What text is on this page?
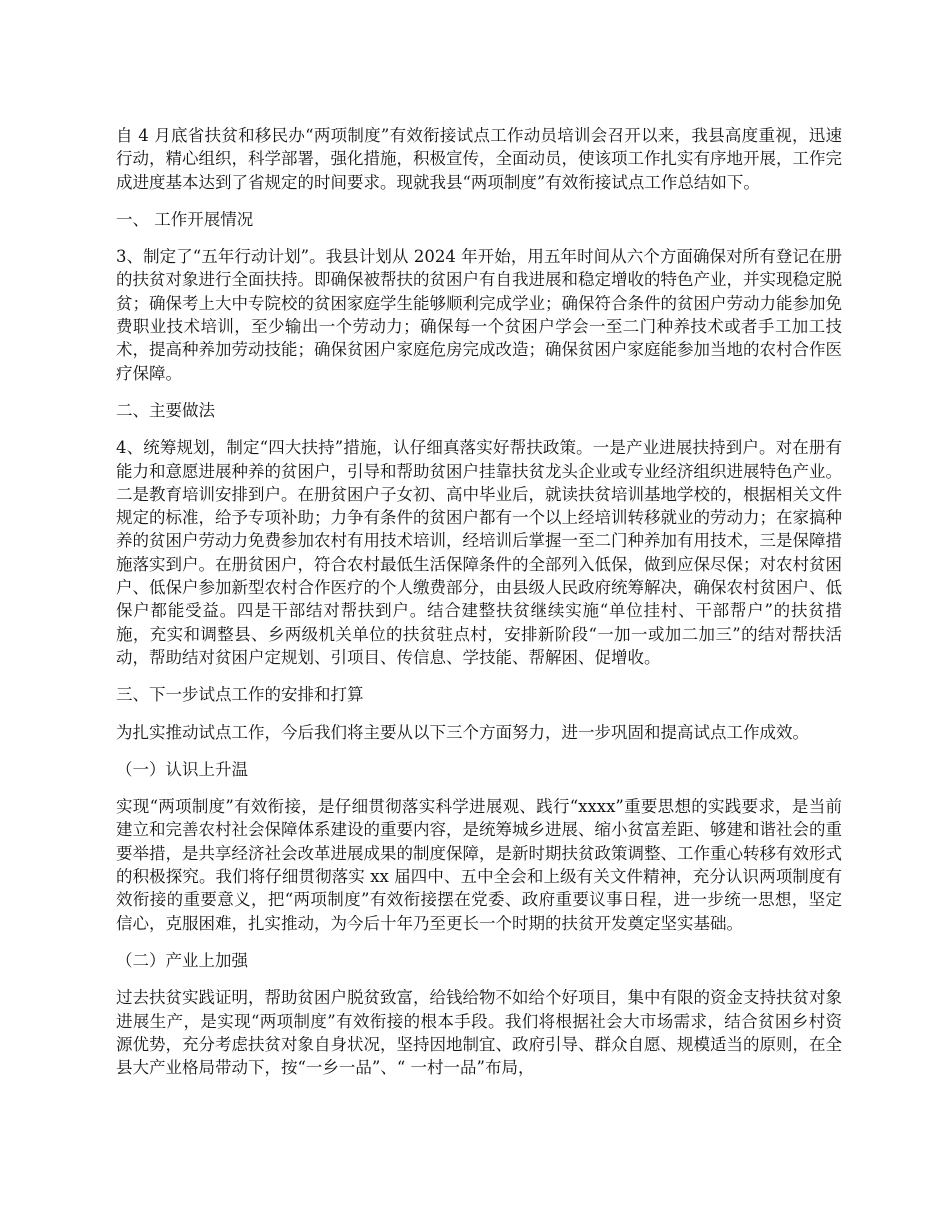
自 4 月底省扶贫和移民办“两项制度”有效衔接试点工作动员培训会召开以来，我县高度重视，迅速行动，精心组织，科学部署，强化措施，积极宣传，全面动员，使该项工作扎实有序地开展，工作完成进度基本达到了省规定的时间要求。现就我县“两项制度”有效衔接试点工作总结如下。

一、 工作开展情况

3、制定了“五年行动计划”。我县计划从 2024 年开始，用五年时间从六个方面确保对所有登记在册的扶贫对象进行全面扶持。即确保被帮扶的贫困户有自我进展和稳定增收的特色产业，并实现稳定脱贫；确保考上大中专院校的贫困家庭学生能够顺利完成学业；确保符合条件的贫困户劳动力能参加免费职业技术培训，至少输出一个劳动力；确保每一个贫困户学会一至二门种养技术或者手工加工技术，提高种养加劳动技能；确保贫困户家庭危房完成改造；确保贫困户家庭能参加当地的农村合作医疗保障。

二、主要做法

4、统筹规划，制定“四大扶持”措施，认仔细真落实好帮扶政策。一是产业进展扶持到户。对在册有能力和意愿进展种养的贫困户，引导和帮助贫困户挂靠扶贫龙头企业或专业经济组织进展特色产业。二是教育培训安排到户。在册贫困户子女初、高中毕业后，就读扶贫培训基地学校的，根据相关文件规定的标准，给予专项补助；力争有条件的贫困户都有一个以上经培训转移就业的劳动力；在家搞种养的贫困户劳动力免费参加农村有用技术培训，经培训后掌握一至二门种养加有用技术，三是保障措施落实到户。在册贫困户，符合农村最低生活保障条件的全部列入低保，做到应保尽保；对农村贫困户、低保户参加新型农村合作医疗的个人缴费部分，由县级人民政府统筹解决，确保农村贫困户、低保户都能受益。四是干部结对帮扶到户。结合建整扶贫继续实施“单位挂村、干部帮户”的扶贫措施，充实和调整县、乡两级机关单位的扶贫驻点村，安排新阶段“一加一或加二加三”的结对帮扶活动，帮助结对贫困户定规划、引项目、传信息、学技能、帮解困、促增收。

三、下一步试点工作的安排和打算

为扎实推动试点工作，今后我们将主要从以下三个方面努力，进一步巩固和提高试点工作成效。

（一）认识上升温

实现“两项制度”有效衔接，是仔细贯彻落实科学进展观、践行“xxxx”重要思想的实践要求，是当前建立和完善农村社会保障体系建设的重要内容，是统筹城乡进展、缩小贫富差距、够建和谐社会的重要举措，是共享经济社会改革进展成果的制度保障，是新时期扶贫政策调整、工作重心转移有效形式的积极探究。我们将仔细贯彻落实 xx 届四中、五中全会和上级有关文件精神，充分认识两项制度有效衔接的重要意义，把“两项制度”有效衔接摆在党委、政府重要议事日程，进一步统一思想，坚定信心，克服困难，扎实推动，为今后十年乃至更长一个时期的扶贫开发奠定坚实基础。

（二）产业上加强

过去扶贫实践证明，帮助贫困户脱贫致富，给钱给物不如给个好项目，集中有限的资金支持扶贫对象进展生产，是实现“两项制度”有效衔接的根本手段。我们将根据社会大市场需求，结合贫困乡村资源优势，充分考虑扶贫对象自身状况，坚持因地制宜、政府引导、群众自愿、规模适当的原则，在全县大产业格局带动下，按“一乡一品”、“ 一村一品”布局，
